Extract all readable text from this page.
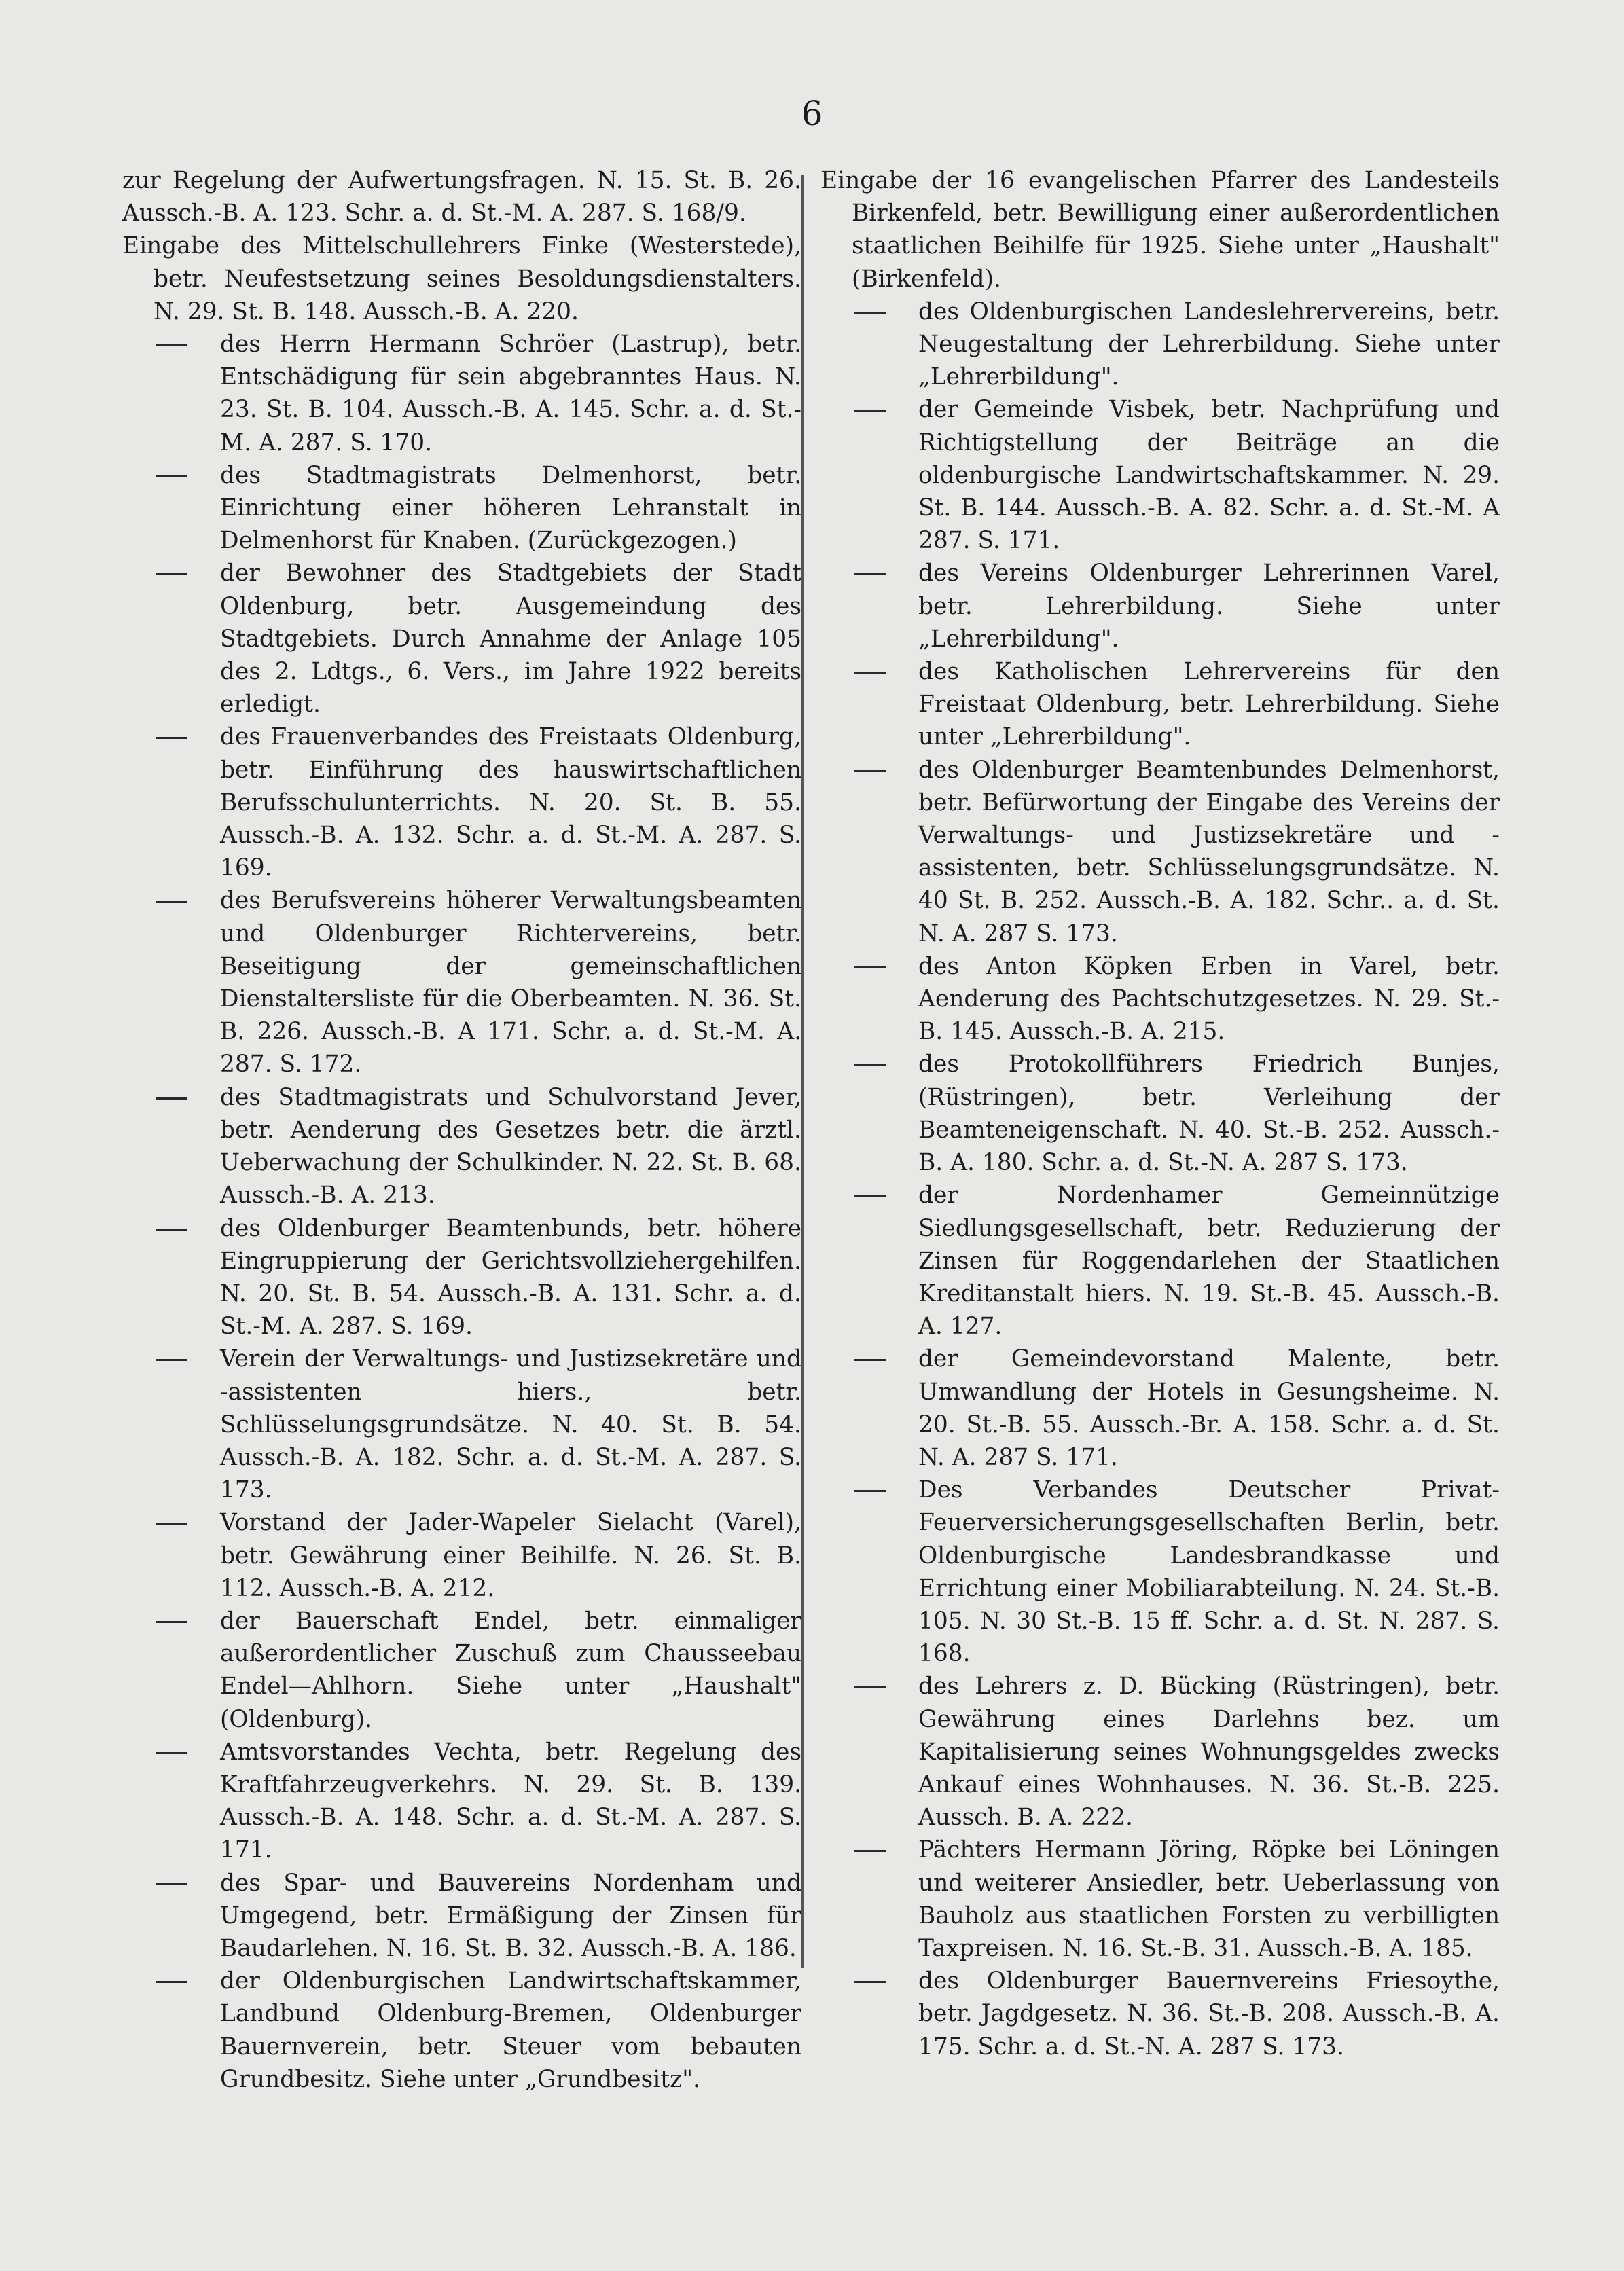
6
zur Regelung der Aufwertungsfragen. N. 15. St. B. 26. Aussch.-B. A. 123. Schr. a. d. St.-M. A. 287. S. 168/9.
Eingabe des Mittelschullehrers Finke (Westerstede), betr. Neufestsetzung seines Besoldungsdienstalters. N. 29. St. B. 148. Aussch.-B. A. 220.
des Herrn Hermann Schröer (Lastrup), betr. Entschädigung für sein abgebranntes Haus. N. 23. St. B. 104. Aussch.-B. A. 145. Schr. a. d. St.-M. A. 287. S. 170.
des Stadtmagistrats Delmenhorst, betr. Einrichtung einer höheren Lehranstalt in Delmenhorst für Knaben. (Zurückgezogen.)
der Bewohner des Stadtgebiets der Stadt Oldenburg, betr. Ausgemeindung des Stadtgebiets. Durch Annahme der Anlage 105 des 2. Ldtgs., 6. Vers., im Jahre 1922 bereits erledigt.
des Frauenverbandes des Freistaats Oldenburg, betr. Einführung des hauswirtschaftlichen Berufsschulunterrichts. N. 20. St. B. 55. Aussch.-B. A. 132. Schr. a. d. St.-M. A. 287. S. 169.
des Berufsvereins höherer Verwaltungsbeamten und Oldenburger Richtervereins, betr. Beseitigung der gemeinschaftlichen Dienstaltersliste für die Oberbeamten. N. 36. St. B. 226. Aussch.-B. A 171. Schr. a. d. St.-M. A. 287. S. 172.
des Stadtmagistrats und Schulvorstand Jever, betr. Aenderung des Gesetzes betr. die ärztl. Ueberwachung der Schulkinder. N. 22. St. B. 68. Aussch.-B. A. 213.
des Oldenburger Beamtenbunds, betr. höhere Eingruppierung der Gerichtsvollziehergehilfen. N. 20. St. B. 54. Aussch.-B. A. 131. Schr. a. d. St.-M. A. 287. S. 169.
Verein der Verwaltungs- und Justizsekretäre und -assistenten hiers., betr. Schlüsselungsgrundsätze. N. 40. St. B. 54. Aussch.-B. A. 182. Schr. a. d. St.-M. A. 287. S. 173.
Vorstand der Jader-Wapeler Sielacht (Varel), betr. Gewährung einer Beihilfe. N. 26. St. B. 112. Aussch.-B. A. 212.
der Bauerschaft Endel, betr. einmaliger außerordentlicher Zuschuß zum Chausseebau Endel—Ahlhorn. Siehe unter „Haushalt" (Oldenburg).
Amtsvorstandes Vechta, betr. Regelung des Kraftfahrzeugverkehrs. N. 29. St. B. 139. Aussch.-B. A. 148. Schr. a. d. St.-M. A. 287. S. 171.
des Spar- und Bauvereins Nordenham und Umgegend, betr. Ermäßigung der Zinsen für Baudarlehen. N. 16. St. B. 32. Aussch.-B. A. 186.
der Oldenburgischen Landwirtschaftskammer, Landbund Oldenburg-Bremen, Oldenburger Bauernverein, betr. Steuer vom bebauten Grundbesitz. Siehe unter „Grundbesitz".
Eingabe der 16 evangelischen Pfarrer des Landesteils Birkenfeld, betr. Bewilligung einer außerordentlichen staatlichen Beihilfe für 1925. Siehe unter „Haushalt" (Birkenfeld).
des Oldenburgischen Landeslehrervereins, betr. Neugestaltung der Lehrerbildung. Siehe unter „Lehrerbildung".
der Gemeinde Visbek, betr. Nachprüfung und Richtigstellung der Beiträge an die oldenburgische Landwirtschaftskammer. N. 29. St. B. 144. Aussch.-B. A. 82. Schr. a. d. St.-M. A 287. S. 171.
des Vereins Oldenburger Lehrerinnen Varel, betr. Lehrerbildung. Siehe unter „Lehrerbildung".
des Katholischen Lehrervereins für den Freistaat Oldenburg, betr. Lehrerbildung. Siehe unter „Lehrerbildung".
des Oldenburger Beamtenbundes Delmenhorst, betr. Befürwortung der Eingabe des Vereins der Verwaltungs- und Justizsekretäre und -assistenten, betr. Schlüsselungsgrundsätze. N. 40 St. B. 252. Aussch.-B. A. 182. Schr.. a. d. St. N. A. 287 S. 173.
des Anton Köpken Erben in Varel, betr. Aenderung des Pachtschutzgesetzes. N. 29. St.-B. 145. Aussch.-B. A. 215.
des Protokollführers Friedrich Bunjes, (Rüstringen), betr. Verleihung der Beamteneigenschaft. N. 40. St.-B. 252. Aussch.-B. A. 180. Schr. a. d. St.-N. A. 287 S. 173.
der Nordenhamer Gemeinnützige Siedlungsgesellschaft, betr. Reduzierung der Zinsen für Roggendarlehen der Staatlichen Kreditanstalt hiers. N. 19. St.-B. 45. Aussch.-B. A. 127.
der Gemeindevorstand Malente, betr. Umwandlung der Hotels in Gesungsheime. N. 20. St.-B. 55. Aussch.-Br. A. 158. Schr. a. d. St. N. A. 287 S. 171.
Des Verbandes Deutscher Privat-Feuerversicherungsgesellschaften Berlin, betr. Oldenburgische Landesbrandkasse und Errichtung einer Mobiliarabteilung. N. 24. St.-B. 105. N. 30 St.-B. 15 ff. Schr. a. d. St. N. 287. S. 168.
des Lehrers z. D. Bücking (Rüstringen), betr. Gewährung eines Darlehns bez. um Kapitalisierung seines Wohnungsgeldes zwecks Ankauf eines Wohnhauses. N. 36. St.-B. 225. Aussch. B. A. 222.
Pächters Hermann Jöring, Röpke bei Löningen und weiterer Ansiedler, betr. Ueberlassung von Bauholz aus staatlichen Forsten zu verbilligten Taxpreisen. N. 16. St.-B. 31. Aussch.-B. A. 185.
des Oldenburger Bauernvereins Friesoythe, betr. Jagdgesetz. N. 36. St.-B. 208. Aussch.-B. A. 175. Schr. a. d. St.-N. A. 287 S. 173.
